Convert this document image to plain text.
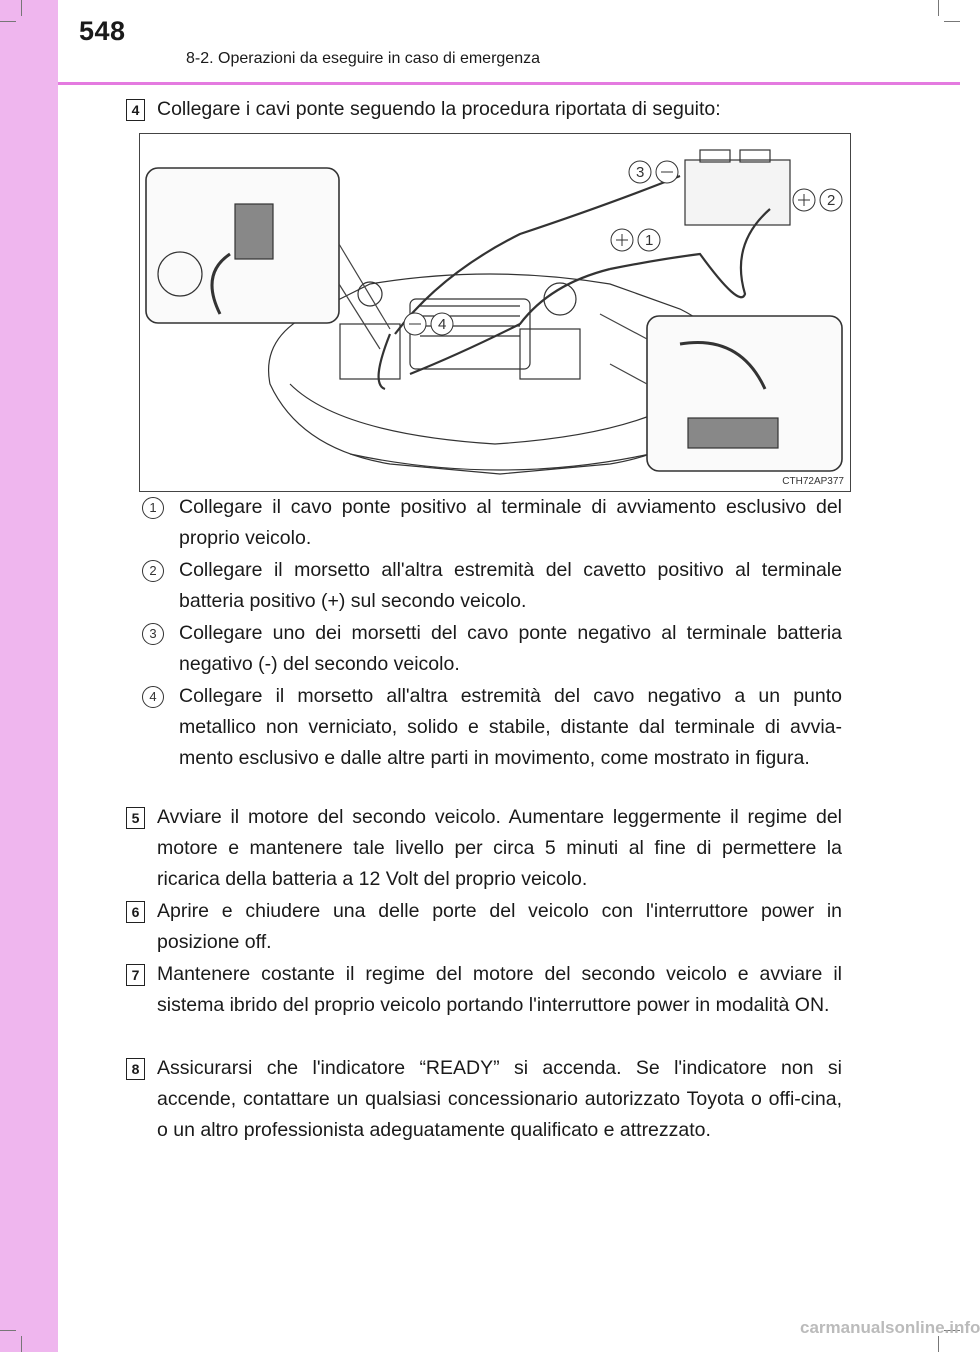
548
8-2. Operazioni da eseguire in caso di emergenza
4 Collegare i cavi ponte seguendo la procedura riportata di seguito:
3
2
1
4
CTH72AP377
1	Collegare il cavo ponte positivo al terminale di avviamento esclusivo del proprio veicolo.
2	Collegare il morsetto all'altra estremità del cavetto positivo al terminale batteria positivo (+) sul secondo veicolo.
3	Collegare uno dei morsetti del cavo ponte negativo al terminale batteria negativo (-) del secondo veicolo.
4	Collegare il morsetto all'altra estremità del cavo negativo a un punto metallico non verniciato, solido e stabile, distante dal terminale di avvia-mento esclusivo e dalle altre parti in movimento, come mostrato in figura.
5 Avviare il motore del secondo veicolo. Aumentare leggermente il regime del motore e mantenere tale livello per circa 5 minuti al fine di permettere la ricarica della batteria a 12 Volt del proprio veicolo.
6 Aprire e chiudere una delle porte del veicolo con l'interruttore power in posizione off.
7 Mantenere costante il regime del motore del secondo veicolo e avviare il sistema ibrido del proprio veicolo portando l'interruttore power in modalità ON.
8 Assicurarsi che l'indicatore “READY” si accenda. Se l'indicatore non si accende, contattare un qualsiasi concessionario autorizzato Toyota o offi-cina, o un altro professionista adeguatamente qualificato e attrezzato.
carmanualsonline.info
